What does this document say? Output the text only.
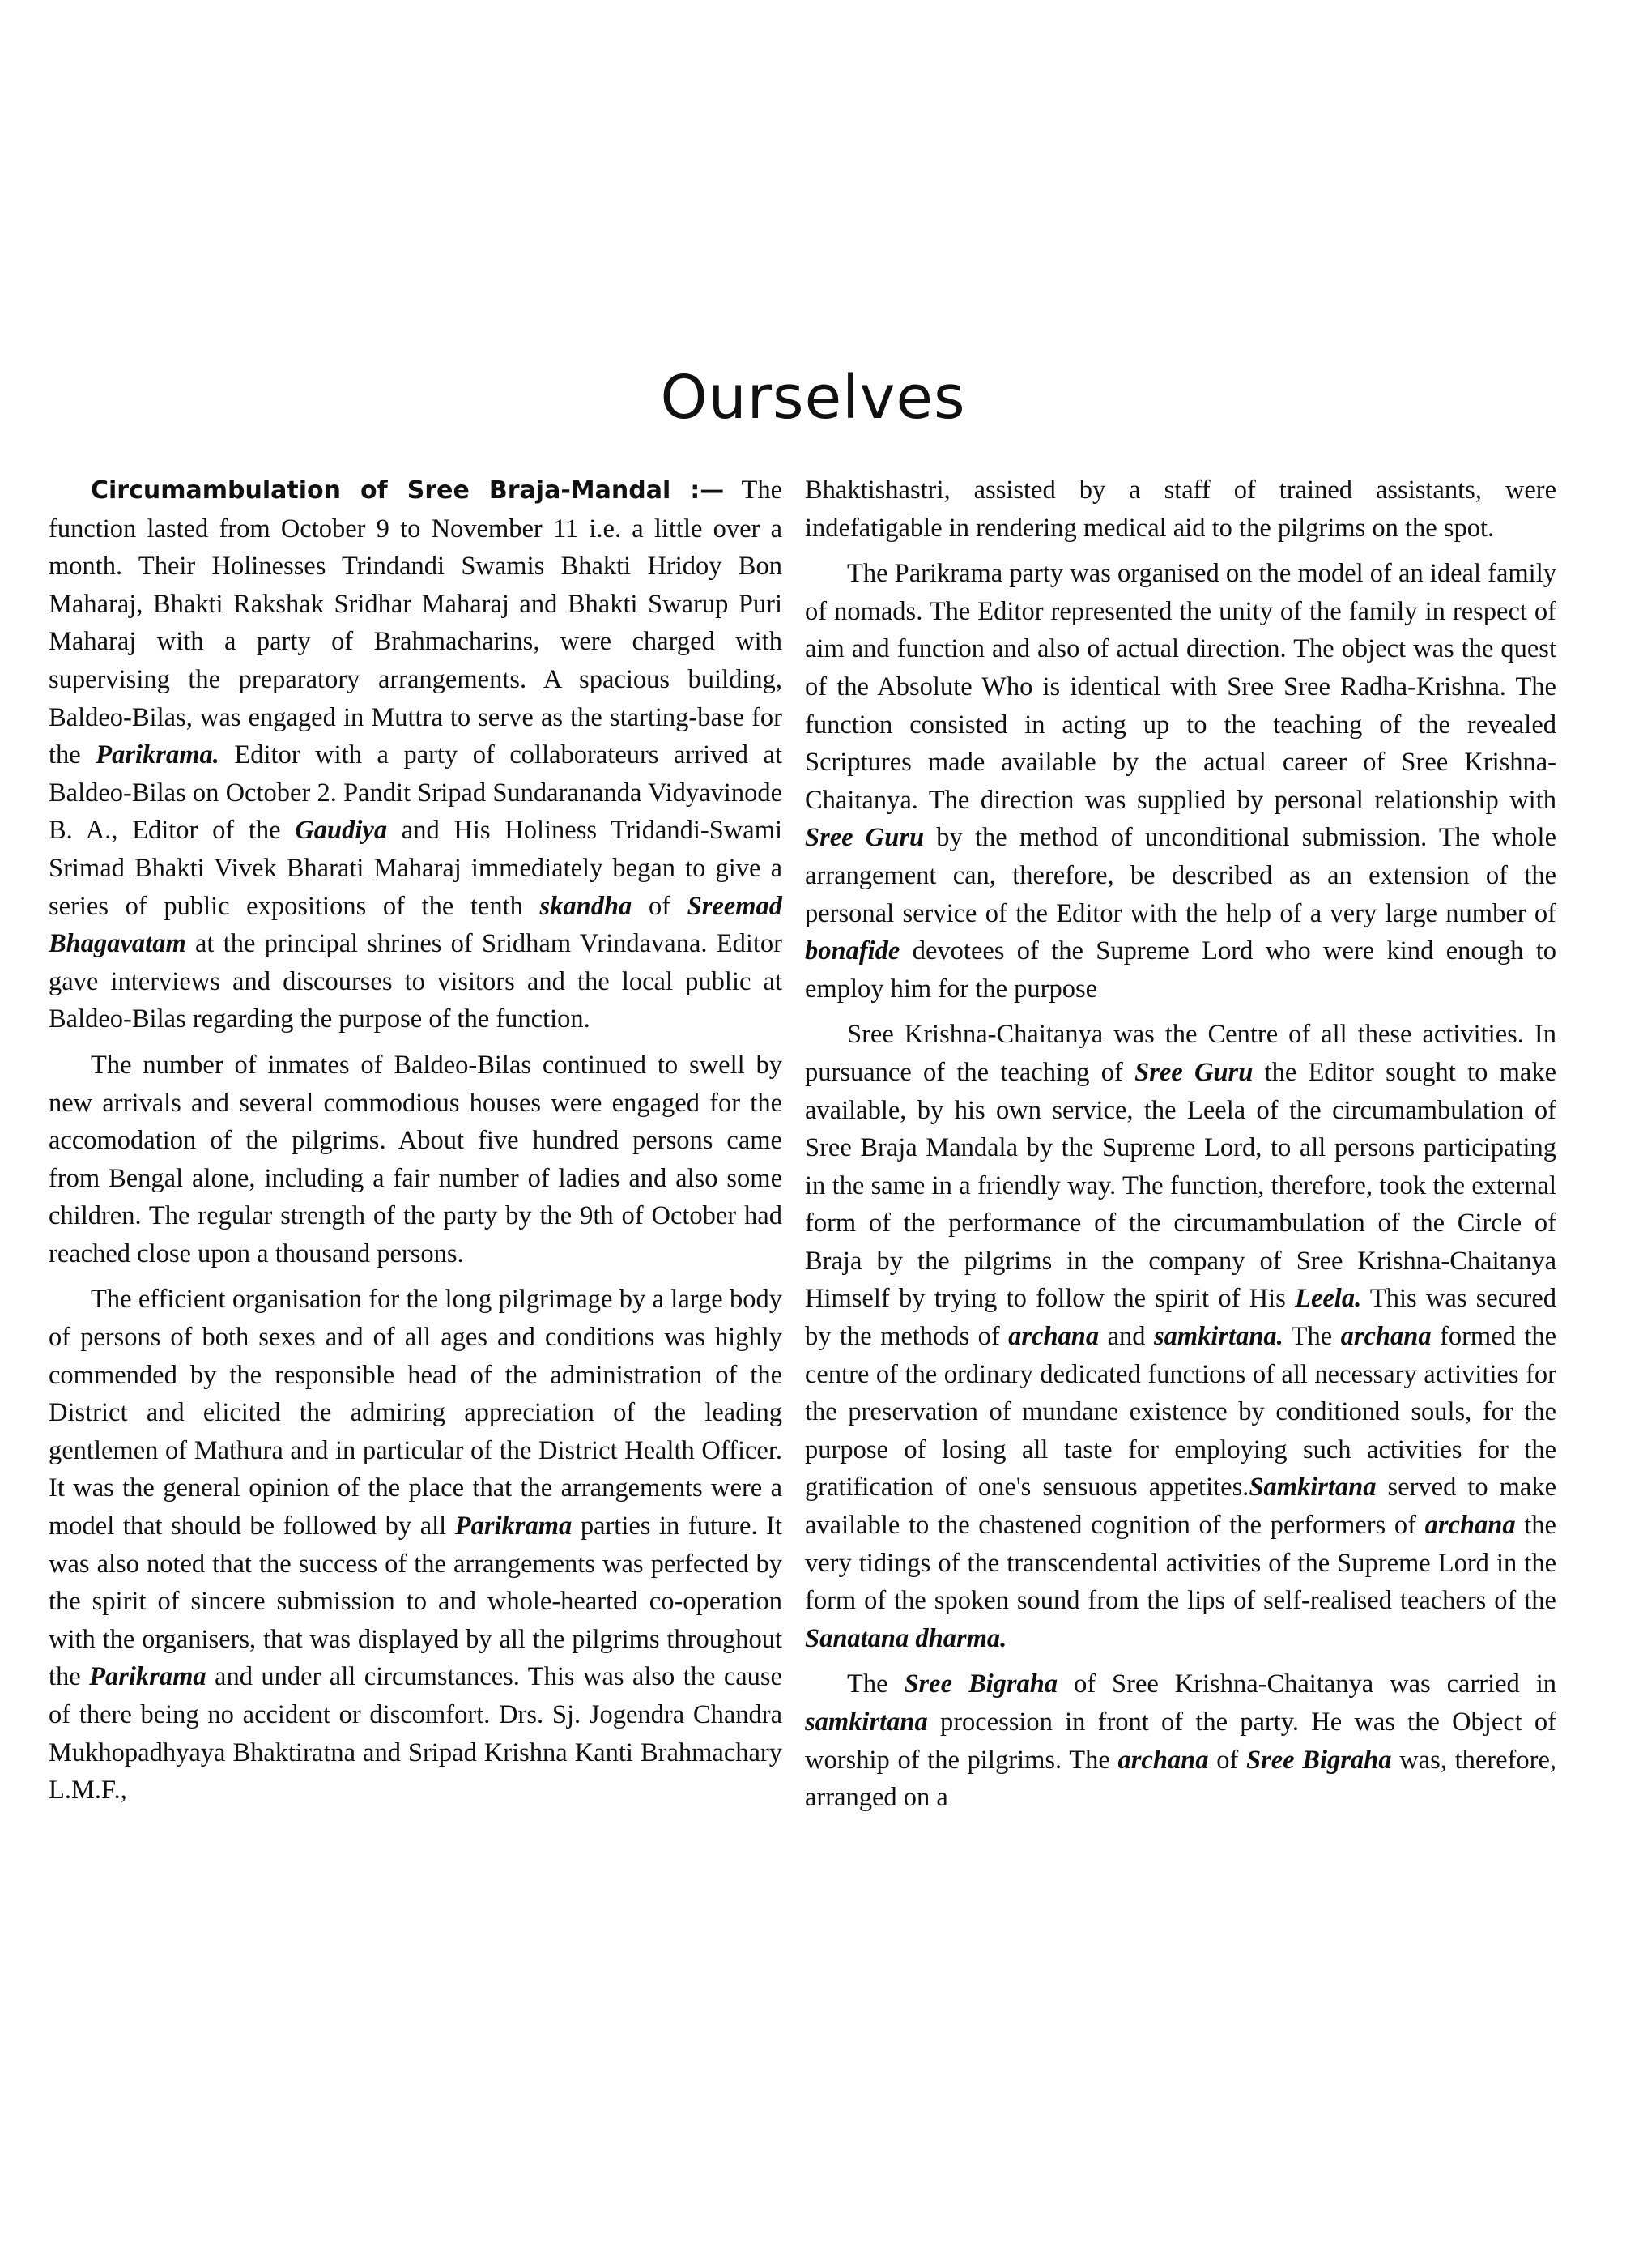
Ourselves

Circumambulation of Sree Braja-Mandal :— The function lasted from October 9 to November 11 i.e. a little over a month. Their Holinesses Trindandi Swamis Bhakti Hridoy Bon Maharaj, Bhakti Rakshak Sridhar Maharaj and Bhakti Swarup Puri Maharaj with a party of Brahmacharins, were charged with supervising the preparatory arrangements. A spacious building, Baldeo-Bilas, was engaged in Muttra to serve as the starting-base for the Parikrama. Editor with a party of collaborateurs arrived at Baldeo-Bilas on October 2. Pandit Sripad Sundarananda Vidyavinode B. A., Editor of the Gaudiya and His Holiness Tridandi-Swami Srimad Bhakti Vivek Bharati Maharaj immediately began to give a series of public expositions of the tenth skandha of Sreemad Bhagavatam at the principal shrines of Sridham Vrindavana. Editor gave interviews and discourses to visitors and the local public at Baldeo-Bilas regarding the purpose of the function.

The number of inmates of Baldeo-Bilas continued to swell by new arrivals and several commodious houses were engaged for the accomodation of the pilgrims. About five hundred persons came from Bengal alone, including a fair number of ladies and also some children. The regular strength of the party by the 9th of October had reached close upon a thousand persons.

The efficient organisation for the long pilgrimage by a large body of persons of both sexes and of all ages and conditions was highly commended by the responsible head of the administration of the District and elicited the admiring appreciation of the leading gentlemen of Mathura and in particular of the District Health Officer. It was the general opinion of the place that the arrangements were a model that should be followed by all Parikrama parties in future. It was also noted that the success of the arrangements was perfected by the spirit of sincere submission to and whole-hearted co-operation with the organisers, that was displayed by all the pilgrims throughout the Parikrama and under all circumstances. This was also the cause of there being no accident or discomfort. Drs. Sj. Jogendra Chandra Mukhopadhyaya Bhaktiratna and Sripad Krishna Kanti Brahmachary L.M.F.,

Bhaktishastri, assisted by a staff of trained assistants, were indefatigable in rendering medical aid to the pilgrims on the spot.

The Parikrama party was organised on the model of an ideal family of nomads. The Editor represented the unity of the family in respect of aim and function and also of actual direction. The object was the quest of the Absolute Who is identical with Sree Sree Radha-Krishna. The function consisted in acting up to the teaching of the revealed Scriptures made available by the actual career of Sree Krishna-Chaitanya. The direction was supplied by personal relationship with Sree Guru by the method of unconditional submission. The whole arrangement can, therefore, be described as an extension of the personal service of the Editor with the help of a very large number of bonafide devotees of the Supreme Lord who were kind enough to employ him for the purpose

Sree Krishna-Chaitanya was the Centre of all these activities. In pursuance of the teaching of Sree Guru the Editor sought to make available, by his own service, the Leela of the circumambulation of Sree Braja Mandala by the Supreme Lord, to all persons participating in the same in a friendly way. The function, therefore, took the external form of the performance of the circumambulation of the Circle of Braja by the pilgrims in the company of Sree Krishna-Chaitanya Himself by trying to follow the spirit of His Leela. This was secured by the methods of archana and samkirtana. The archana formed the centre of the ordinary dedicated functions of all necessary activities for the preservation of mundane existence by conditioned souls, for the purpose of losing all taste for employing such activities for the gratification of one's sensuous appetites.Samkirtana served to make available to the chastened cognition of the performers of archana the very tidings of the transcendental activities of the Supreme Lord in the form of the spoken sound from the lips of self-realised teachers of the Sanatana dharma.

The Sree Bigraha of Sree Krishna-Chaitanya was carried in samkirtana procession in front of the party. He was the Object of worship of the pilgrims. The archana of Sree Bigraha was, therefore, arranged on a
